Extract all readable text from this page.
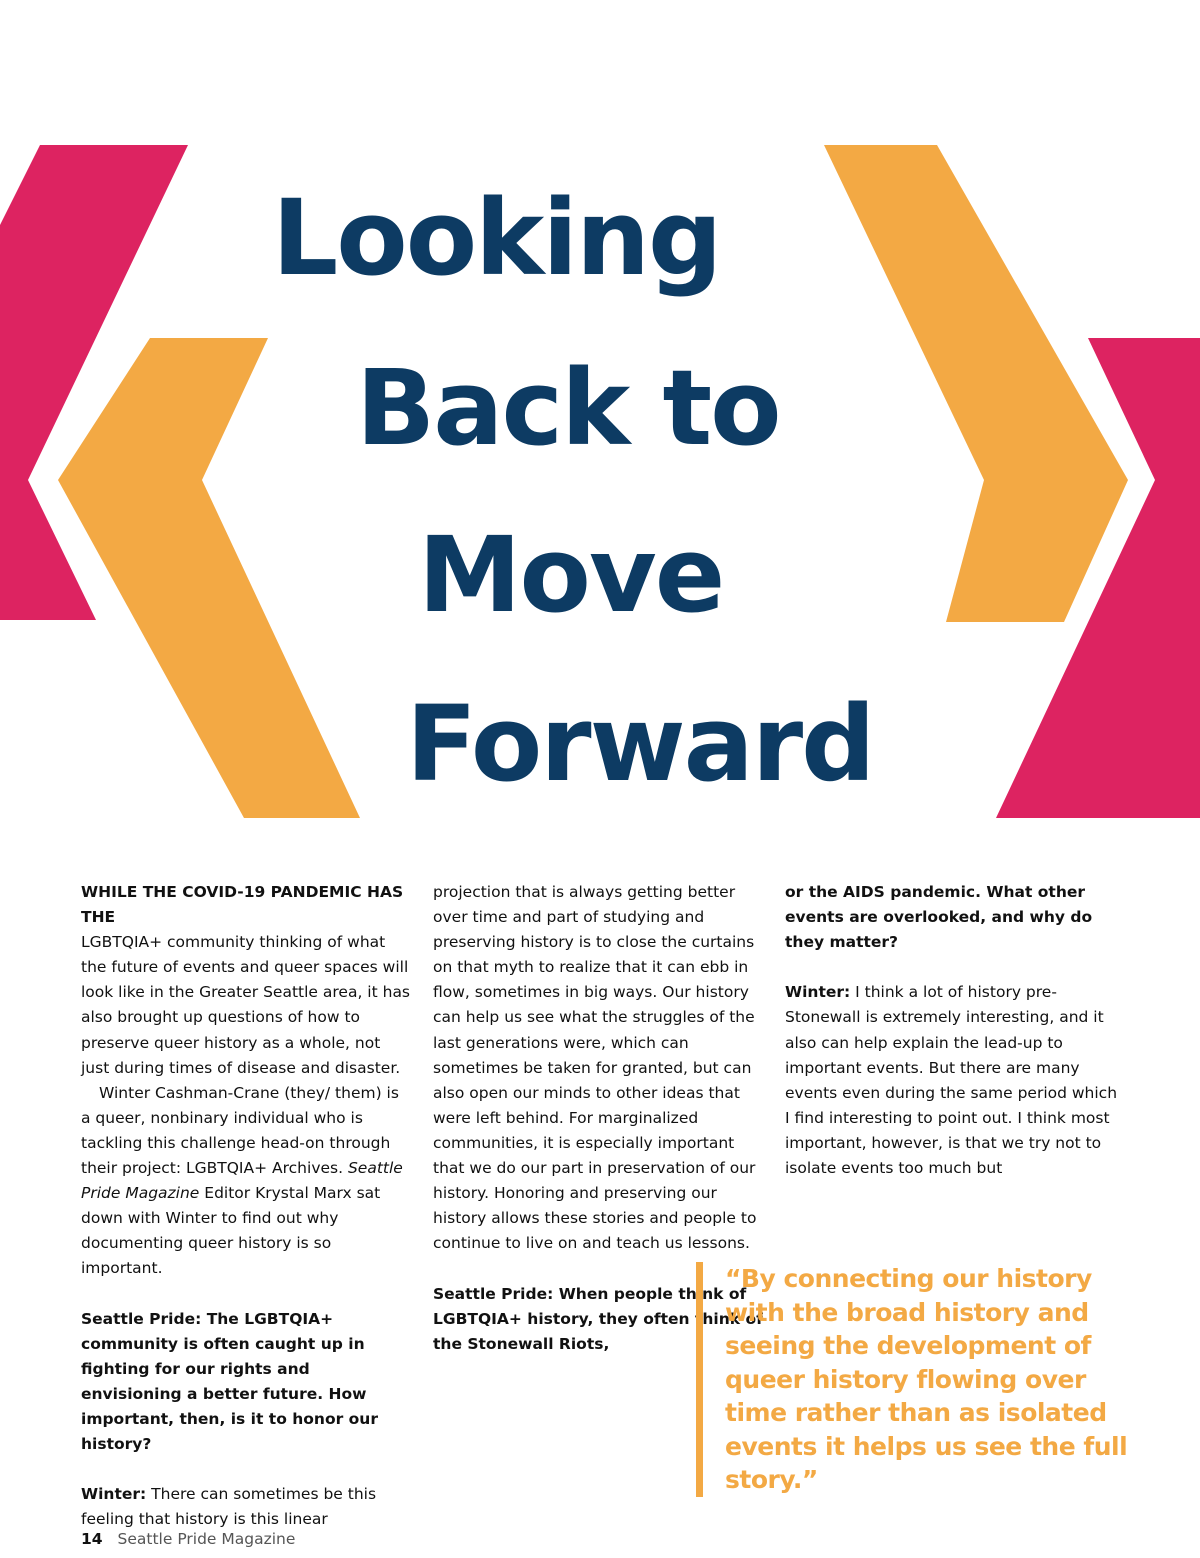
Looking
Back to
Move
Forward

WHILE THE COVID-19 PANDEMIC HAS THE
LGBTQIA+ community thinking of what the future of events and queer spaces will look like in the Greater Seattle area, it has also brought up questions of how to preserve queer history as a whole, not just during times of disease and disaster.

Winter Cashman-Crane (they/ them) is a queer, nonbinary individual who is tackling this challenge head-on through their project: LGBTQIA+ Archives. Seattle Pride Magazine Editor Krystal Marx sat down with Winter to find out why documenting queer history is so important.

Seattle Pride: The LGBTQIA+ community is often caught up in fighting for our rights and envisioning a better future. How important, then, is it to honor our history?

Winter: There can sometimes be this feeling that history is this linear

projection that is always getting better over time and part of studying and preserving history is to close the curtains on that myth to realize that it can ebb in flow, sometimes in big ways. Our history can help us see what the struggles of the last generations were, which can sometimes be taken for granted, but can also open our minds to other ideas that were left behind. For marginalized communities, it is especially important that we do our part in preservation of our history. Honoring and preserving our history allows these stories and people to continue to live on and teach us lessons.

Seattle Pride: When people think of LGBTQIA+ history, they often think of the Stonewall Riots,

or the AIDS pandemic. What other events are overlooked, and why do they matter?

Winter: I think a lot of history pre-Stonewall is extremely interesting, and it also can help explain the lead-up to important events. But there are many events even during the same period which I find interesting to point out. I think most important, however, is that we try not to isolate events too much but

“By connecting our history with the broad history and seeing the development of queer history flowing over time rather than as isolated events it helps us see the full story.”
14 Seattle Pride Magazine
